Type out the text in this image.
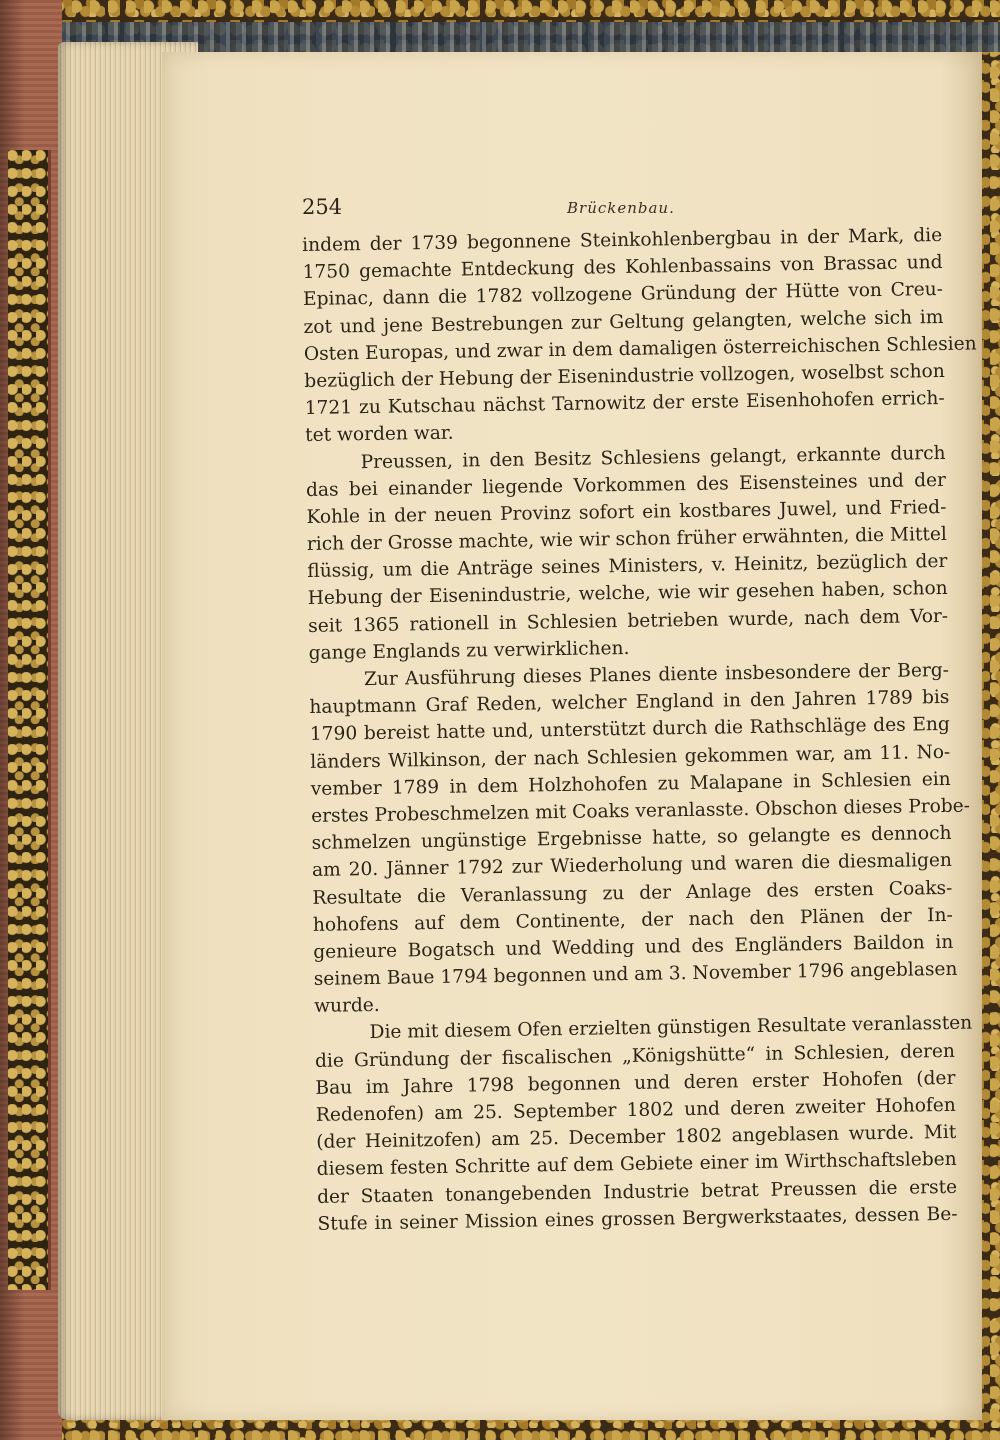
254	Brückenbau.

indem der 1739 begonnene Steinkohlenbergbau in der Mark, die

1750 gemachte Entdeckung des Kohlenbassains von Brassac und

Epinac, dann die 1782 vollzogene Gründung der Hütte von Creu-

zot und jene Bestrebungen zur Geltung gelangten, welche sich im

Osten Europas, und zwar in dem damaligen österreichischen Schlesien

bezüglich der Hebung der Eisenindustrie vollzogen, woselbst schon

1721 zu Kutschau nächst Tarnowitz der erste Eisenhohofen errich-

tet worden war.

Preussen, in den Besitz Schlesiens gelangt, erkannte durch

das bei einander liegende Vorkommen des Eisensteines und der

Kohle in der neuen Provinz sofort ein kostbares Juwel, und Fried-

rich der Grosse machte, wie wir schon früher erwähnten, die Mittel

flüssig, um die Anträge seines Ministers, v. Heinitz, bezüglich der

Hebung der Eisenindustrie, welche, wie wir gesehen haben, schon

seit 1365 rationell in Schlesien betrieben wurde, nach dem Vor-

gange Englands zu verwirklichen.

Zur Ausführung dieses Planes diente insbesondere der Berg-

hauptmann Graf Reden, welcher England in den Jahren 1789 bis

1790 bereist hatte und, unterstützt durch die Rathschläge des Eng

länders Wilkinson, der nach Schlesien gekommen war, am 11. No-

vember 1789 in dem Holzhohofen zu Malapane in Schlesien ein

erstes Probeschmelzen mit Coaks veranlasste. Obschon dieses Probe-

schmelzen ungünstige Ergebnisse hatte, so gelangte es dennoch

am 20. Jänner 1792 zur Wiederholung und waren die diesmaligen

Resultate die Veranlassung zu der Anlage des ersten Coaks-

hohofens auf dem Continente, der nach den Plänen der In-

genieure Bogatsch und Wedding und des Engländers Baildon in

seinem Baue 1794 begonnen und am 3. November 1796 angeblasen

wurde.

Die mit diesem Ofen erzielten günstigen Resultate veranlassten

die Gründung der fiscalischen „Königshütte“ in Schlesien, deren

Bau im Jahre 1798 begonnen und deren erster Hohofen (der

Redenofen) am 25. September 1802 und deren zweiter Hohofen

(der Heinitzofen) am 25. December 1802 angeblasen wurde. Mit

diesem festen Schritte auf dem Gebiete einer im Wirthschaftsleben

der Staaten tonangebenden Industrie betrat Preussen die erste

Stufe in seiner Mission eines grossen Bergwerkstaates, dessen Be-
